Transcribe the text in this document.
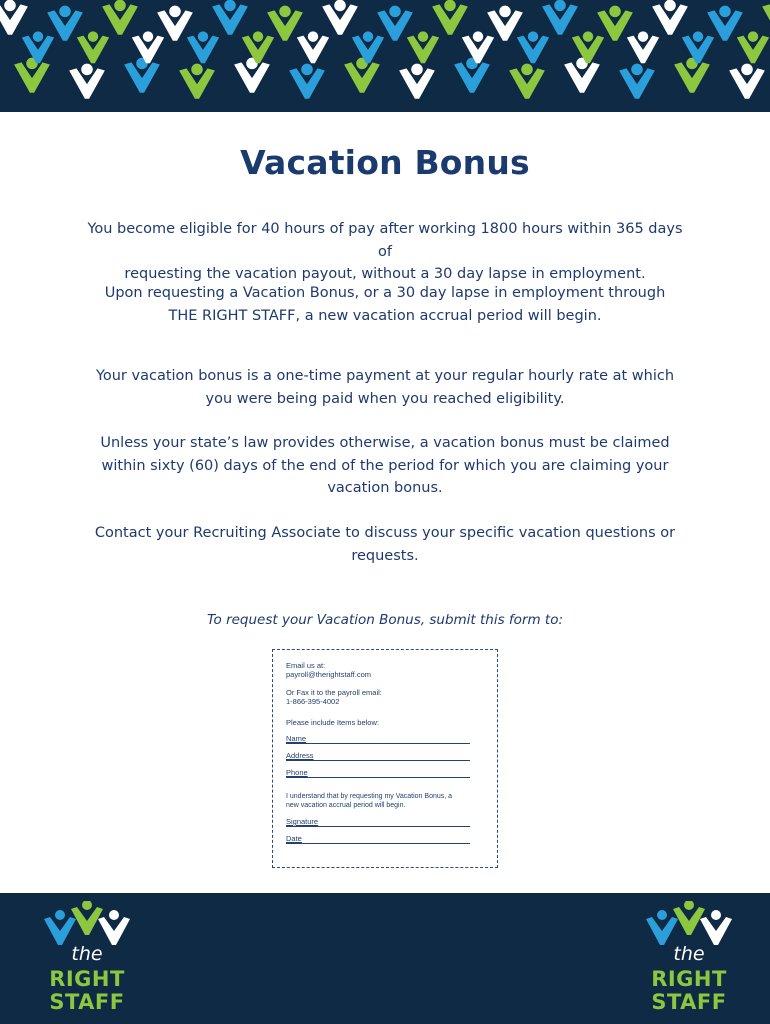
Vacation Bonus
You become eligible for 40 hours of pay after working 1800 hours within 365 days of
requesting the vacation payout, without a 30 day lapse in employment.
Upon requesting a Vacation Bonus, or a 30 day lapse in employment through
THE RIGHT STAFF, a new vacation accrual period will begin.
Your vacation bonus is a one-time payment at your regular hourly rate at which
you were being paid when you reached eligibility.
Unless your state’s law provides otherwise, a vacation bonus must be claimed
within sixty (60) days of the end of the period for which you are claiming your
vacation bonus.
Contact your Recruiting Associate to discuss your specific vacation questions or
requests.
To request your Vacation Bonus, submit this form to:
Email us at:
payroll@therightstaff.com
Or Fax it to the payroll email:
1-866-395-4002
Please include Items below:
Name
Address
Phone
I understand that by requesting my Vacation Bonus, a
new vacation accrual period will begin.
Signature
Date
the
RIGHT
STAFF
the
RIGHT
STAFF
